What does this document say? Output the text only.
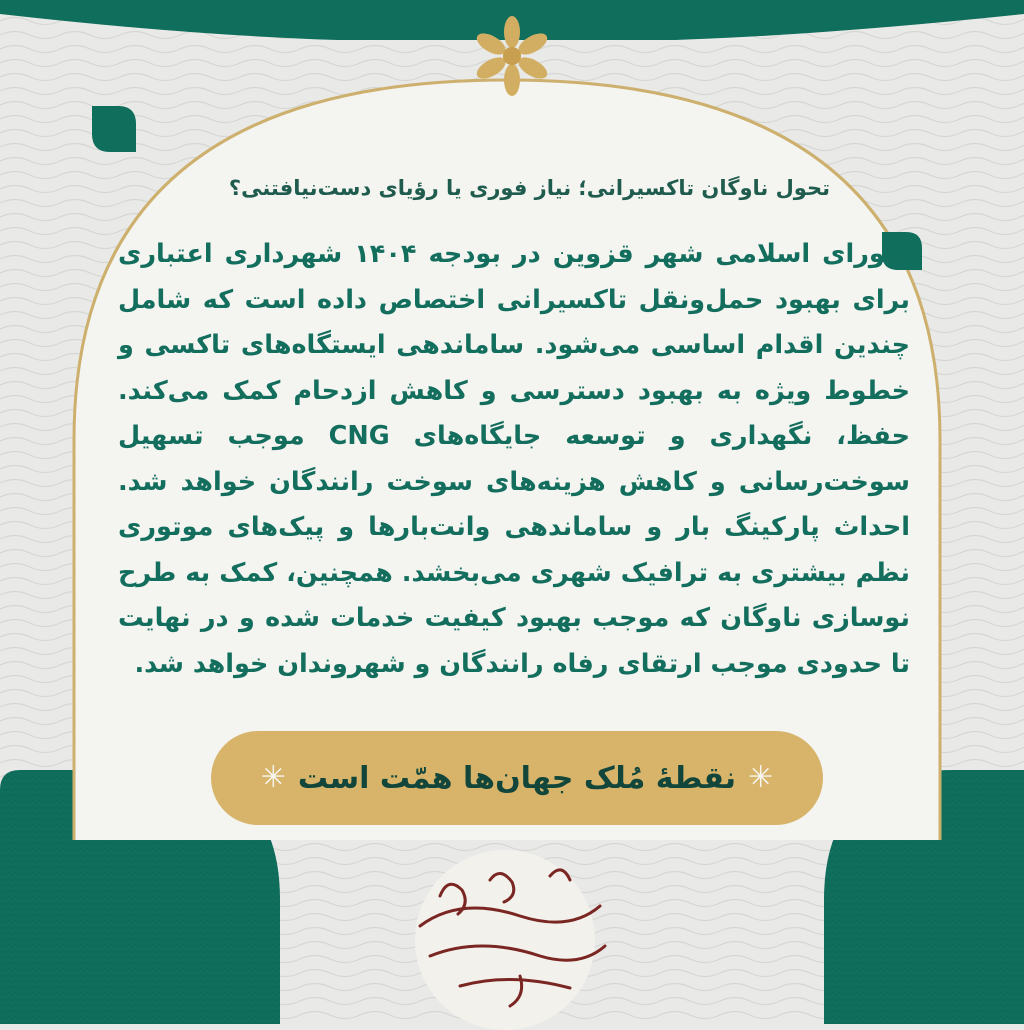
تحول ناوگان تاکسیرانی؛ نیاز فوری یا رؤیای دست‌نیافتنی؟

شورای اسلامی شهر قزوین در بودجه ۱۴۰۴ شهرداری اعتباری برای بهبود حمل‌ونقل تاکسیرانی اختصاص داده است که شامل چندین اقدام اساسی می‌شود. ساماندهی ایستگاه‌های تاکسی و خطوط ویژه به بهبود دسترسی و کاهش ازدحام کمک می‌کند. حفظ، نگهداری و توسعه جایگاه‌های CNG موجب تسهیل سوخت‌رسانی و کاهش هزینه‌های سوخت رانندگان خواهد شد. احداث پارکینگ بار و ساماندهی وانت‌بارها و پیک‌های موتوری نظم بیشتری به ترافیک شهری می‌بخشد. همچنین، کمک به طرح نوسازی ناوگان که موجب بهبود کیفیت خدمات شده و در نهایت تا حدودی موجب ارتقای رفاه رانندگان و شهروندان خواهد شد.

✳ نقطهٔ مُلک جهان‌ها همّت است ✳
مهدی مهدی‌خانی
